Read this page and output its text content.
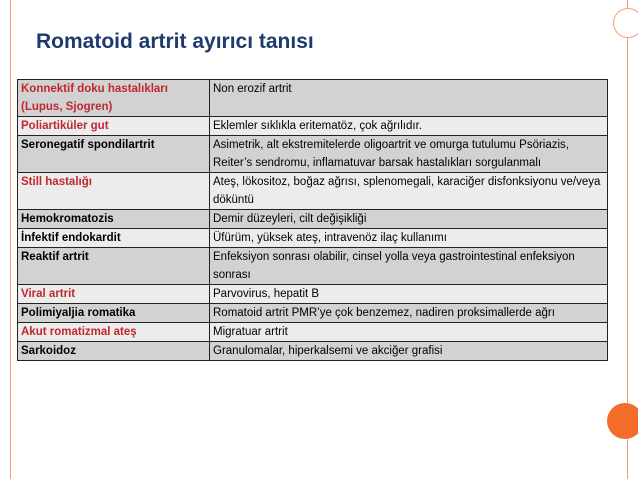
Romatoid artrit ayırıcı tanısı
Konnektif doku hastalıkları (Lupus, Sjogren)	Non erozif artrit
Poliartiküler gut	Eklemler sıklıkla eritematöz, çok ağrılıdır.
Seronegatif spondilartrit	Asimetrik, alt ekstremitelerde oligoartrit ve omurga tutulumu Psöriazis, Reiter’s sendromu, inflamatuvar barsak hastalıkları sorgulanmalı
Still hastalığı	Ateş, lökositoz, boğaz ağrısı, splenomegali, karaciğer disfonksiyonu ve/veya döküntü
Hemokromatozis	Demir düzeyleri, cilt değişikliği
İnfektif endokardit	Üfürüm, yüksek ateş, intravenöz ilaç kullanımı
Reaktif artrit	Enfeksiyon sonrası olabilir, cinsel yolla veya gastrointestinal enfeksiyon sonrası
Viral artrit	Parvovirus, hepatit B
Polimiyaljia romatika	Romatoid artrit PMR’ye çok benzemez, nadiren proksimallerde ağrı
Akut romatizmal ateş	Migratuar artrit
Sarkoidoz	Granulomalar, hiperkalsemi ve akciğer grafisi
